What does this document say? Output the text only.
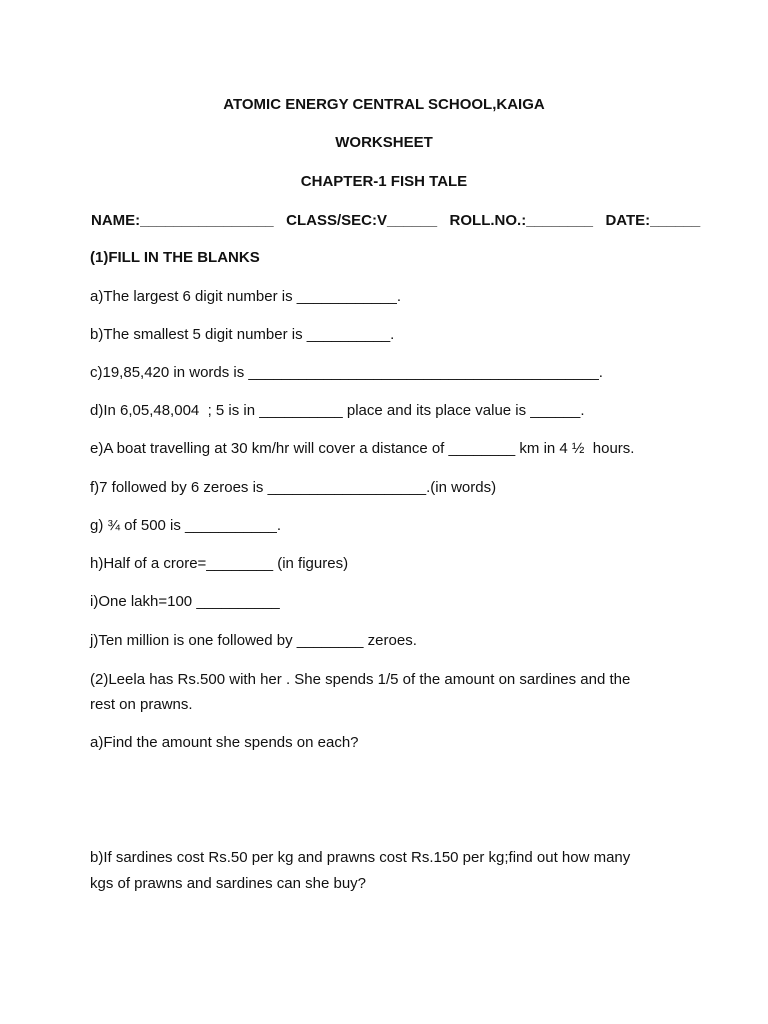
ATOMIC ENERGY CENTRAL SCHOOL,KAIGA
WORKSHEET
CHAPTER-1 FISH TALE
NAME:________________   CLASS/SEC:V______   ROLL.NO.:________   DATE:______
(1)FILL IN THE BLANKS
a)The largest 6 digit number is ____________.
b)The smallest 5 digit number is __________.
c)19,85,420 in words is __________________________________________.
d)In 6,05,48,004  ; 5 is in __________ place and its place value is ______.
e)A boat travelling at 30 km/hr will cover a distance of ________ km in 4 ½  hours.
f)7 followed by 6 zeroes is ___________________.(in words)
g) ¾ of 500 is ___________.
h)Half of a crore=________ (in figures)
i)One lakh=100 __________
j)Ten million is one followed by ________ zeroes.
(2)Leela has Rs.500 with her . She spends 1/5 of the amount on sardines and the
rest on prawns.
a)Find the amount she spends on each?
b)If sardines cost Rs.50 per kg and prawns cost Rs.150 per kg;find out how many
kgs of prawns and sardines can she buy?
